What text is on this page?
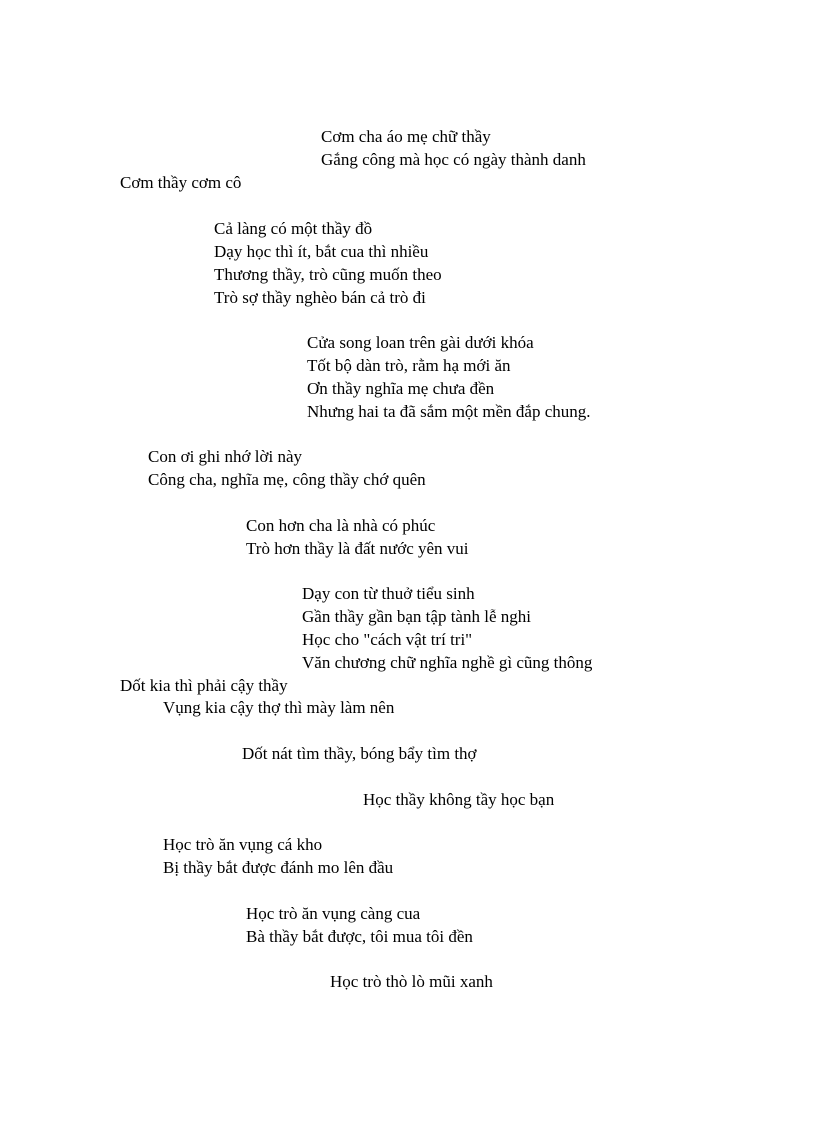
Cơm cha áo mẹ chữ thầy
Gắng công mà học có ngày thành danh
Cơm thầy cơm cô
Cả làng có một thầy đồ
Dạy học thì ít, bắt cua thì nhiều
Thương thầy, trò cũng muốn theo
Trò sợ thầy nghèo bán cả trò đi
Cửa song loan trên gài dưới khóa
Tốt bộ dàn trò, rằm hạ mới ăn
Ơn thầy nghĩa mẹ chưa đền
Nhưng hai ta đã sắm một mền đắp chung.
Con ơi ghi nhớ lời này
Công cha, nghĩa mẹ, công thầy chớ quên
Con hơn cha là nhà có phúc
Trò hơn thầy là đất nước yên vui
Dạy con từ thuở tiểu sinh
Gần thầy gần bạn tập tành lễ nghi
Học cho "cách vật trí tri"
Văn chương chữ nghĩa nghề gì cũng thông
Dốt kia thì phải cậy thầy
Vụng kia cậy thợ thì mày làm nên
Dốt nát tìm thầy, bóng bẩy tìm thợ
Học thầy không tầy học bạn
Học trò ăn vụng cá kho
Bị thầy bắt được đánh mo lên đầu
Học trò ăn vụng càng cua
Bà thầy bắt được, tôi mua tôi đền
Học trò thò lò mũi xanh
